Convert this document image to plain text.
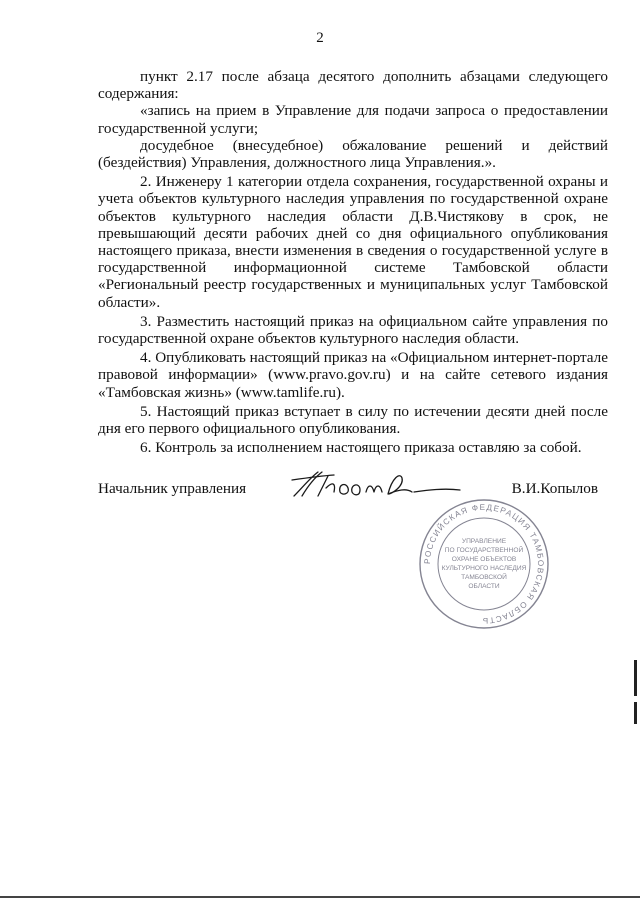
2

пункт 2.17 после абзаца десятого дополнить абзацами следующего содержания:

«запись на прием в Управление для подачи запроса о предоставлении государственной услуги;

досудебное (внесудебное) обжалование решений и действий (бездействия) Управления, должностного лица Управления.».

2. Инженеру 1 категории отдела сохранения, государственной охраны и учета объектов культурного наследия управления по государственной охране объектов культурного наследия области Д.В.Чистякову в срок, не превышающий десяти рабочих дней со дня официального опубликования настоящего приказа, внести изменения в сведения о государственной услуге в государственной информационной системе Тамбовской области «Региональный реестр государственных и муниципальных услуг Тамбовской области».

3. Разместить настоящий приказ на официальном сайте управления по государственной охране объектов культурного наследия области.

4. Опубликовать настоящий приказ на «Официальном интернет-портале правовой информации» (www.pravo.gov.ru) и на сайте сетевого издания «Тамбовская жизнь» (www.tamlife.ru).

5. Настоящий приказ вступает в силу по истечении десяти дней после дня его первого официального опубликования.

6. Контроль за исполнением настоящего приказа оставляю за собой.

Начальник управления	В.И.Копылов
РОССИЙСКАЯ ФЕДЕРАЦИЯ ТАМБОВСКАЯ ОБЛАСТЬ
УПРАВЛЕНИЕ
ПО ГОСУДАРСТВЕННОЙ
ОХРАНЕ ОБЪЕКТОВ
КУЛЬТУРНОГО НАСЛЕДИЯ
ТАМБОВСКОЙ
ОБЛАСТИ
